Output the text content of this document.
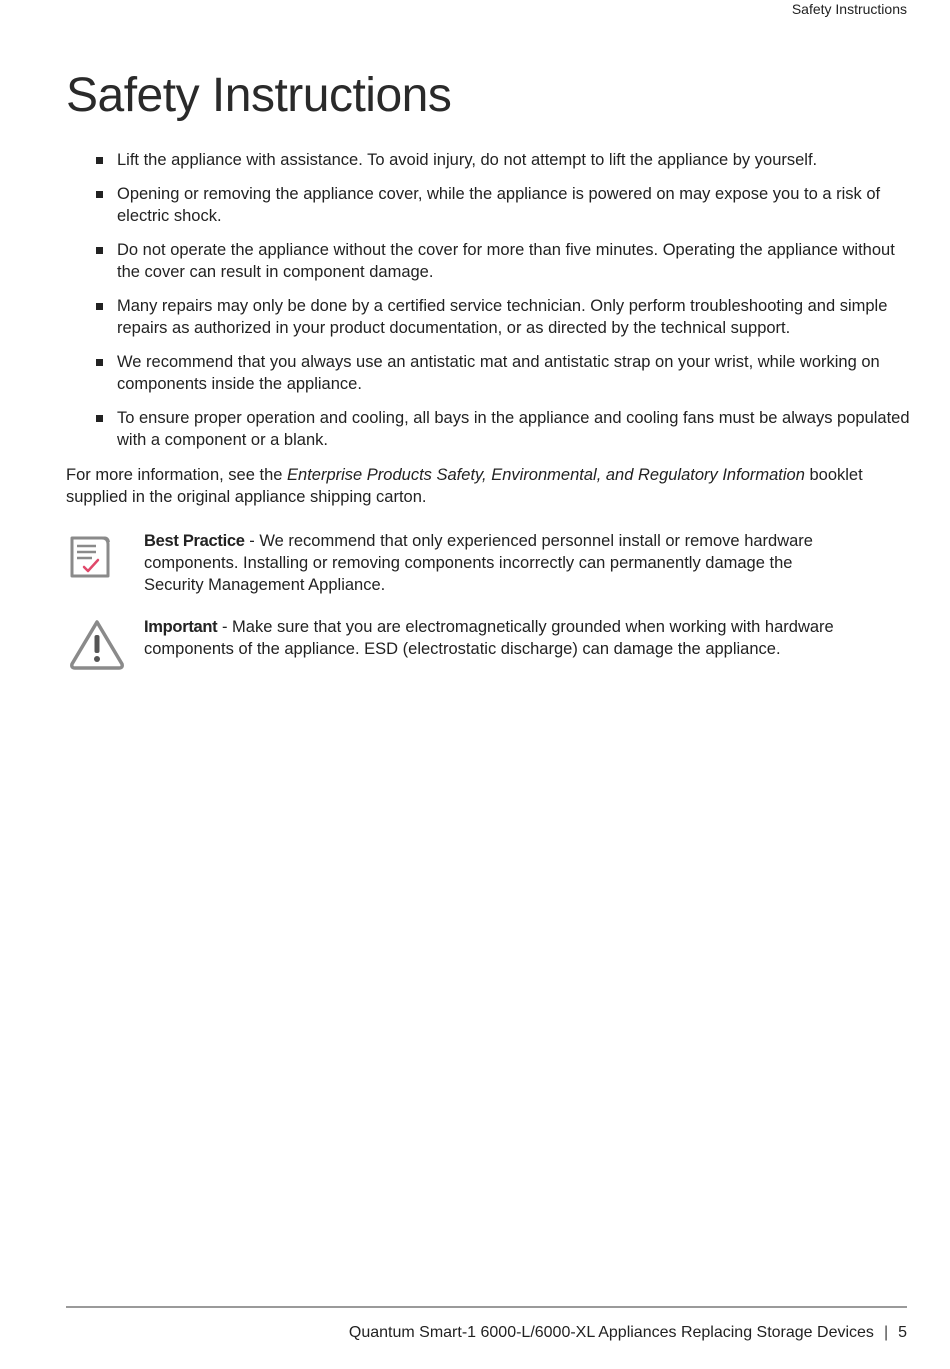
Safety Instructions
Safety Instructions
Lift the appliance with assistance. To avoid injury, do not attempt to lift the appliance by yourself.
Opening or removing the appliance cover, while the appliance is powered on may expose you to a risk of electric shock.
Do not operate the appliance without the cover for more than five minutes. Operating the appliance without the cover can result in component damage.
Many repairs may only be done by a certified service technician. Only perform troubleshooting and simple repairs as authorized in your product documentation, or as directed by the technical support.
We recommend that you always use an antistatic mat and antistatic strap on your wrist, while working on components inside the appliance.
To ensure proper operation and cooling, all bays in the appliance and cooling fans must be always populated with a component or a blank.

For more information, see the Enterprise Products Safety, Environmental, and Regulatory Information booklet supplied in the original appliance shipping carton.

Best Practice - We recommend that only experienced personnel install or remove hardware components. Installing or removing components incorrectly can permanently damage the Security Management Appliance.

Important - Make sure that you are electromagnetically grounded when working with hardware components of the appliance. ESD (electrostatic discharge) can damage the appliance.

Quantum Smart-1 6000-L/6000-XL Appliances Replacing Storage Devices | 5
